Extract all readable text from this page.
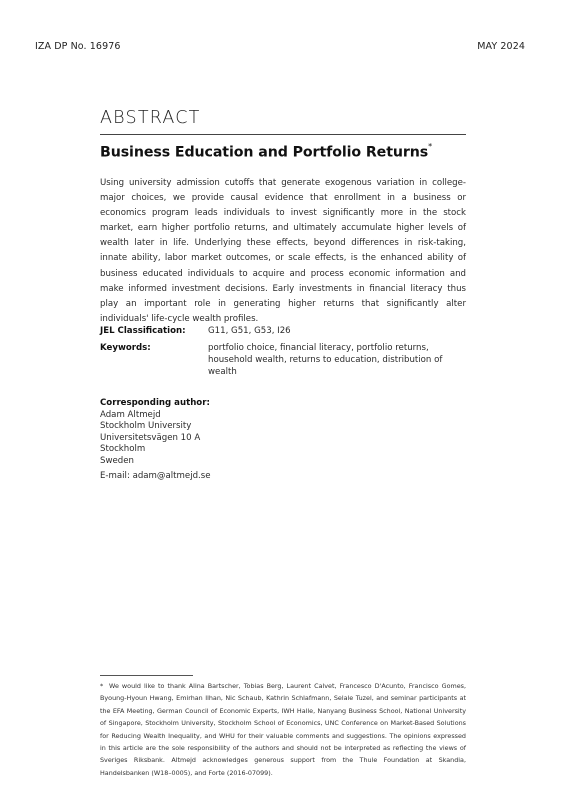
IZA DP No. 16976	MAY 2024
ABSTRACT
Business Education and Portfolio Returns*

Using university admission cutoffs that generate exogenous variation in college-major choices, we provide causal evidence that enrollment in a business or economics program leads individuals to invest significantly more in the stock market, earn higher portfolio returns, and ultimately accumulate higher levels of wealth later in life. Underlying these effects, beyond differences in risk-taking, innate ability, labor market outcomes, or scale effects, is the enhanced ability of business educated individuals to acquire and process economic information and make informed investment decisions. Early investments in financial literacy thus play an important role in generating higher returns that significantly alter individuals' life-cycle wealth profiles.

JEL Classification:	G11, G51, G53, I26
Keywords:	portfolio choice, financial literacy, portfolio returns, household wealth, returns to education, distribution of wealth
Corresponding author:
Adam Altmejd
Stockholm University
Universitetsvägen 10 A
Stockholm
Sweden
E-mail: adam@altmejd.se

* We would like to thank Alina Bartscher, Tobias Berg, Laurent Calvet, Francesco D'Acunto, Francisco Gomes, Byoung-Hyoun Hwang, Emirhan Ilhan, Nic Schaub, Kathrin Schlafmann, Selale Tuzel, and seminar participants at the EFA Meeting, German Council of Economic Experts, IWH Halle, Nanyang Business School, National University of Singapore, Stockholm University, Stockholm School of Economics, UNC Conference on Market-Based Solutions for Reducing Wealth Inequality, and WHU for their valuable comments and suggestions. The opinions expressed in this article are the sole responsibility of the authors and should not be interpreted as reflecting the views of Sveriges Riksbank. Altmejd acknowledges generous support from the Thule Foundation at Skandia, Handelsbanken (W18–0005), and Forte (2016-07099).
